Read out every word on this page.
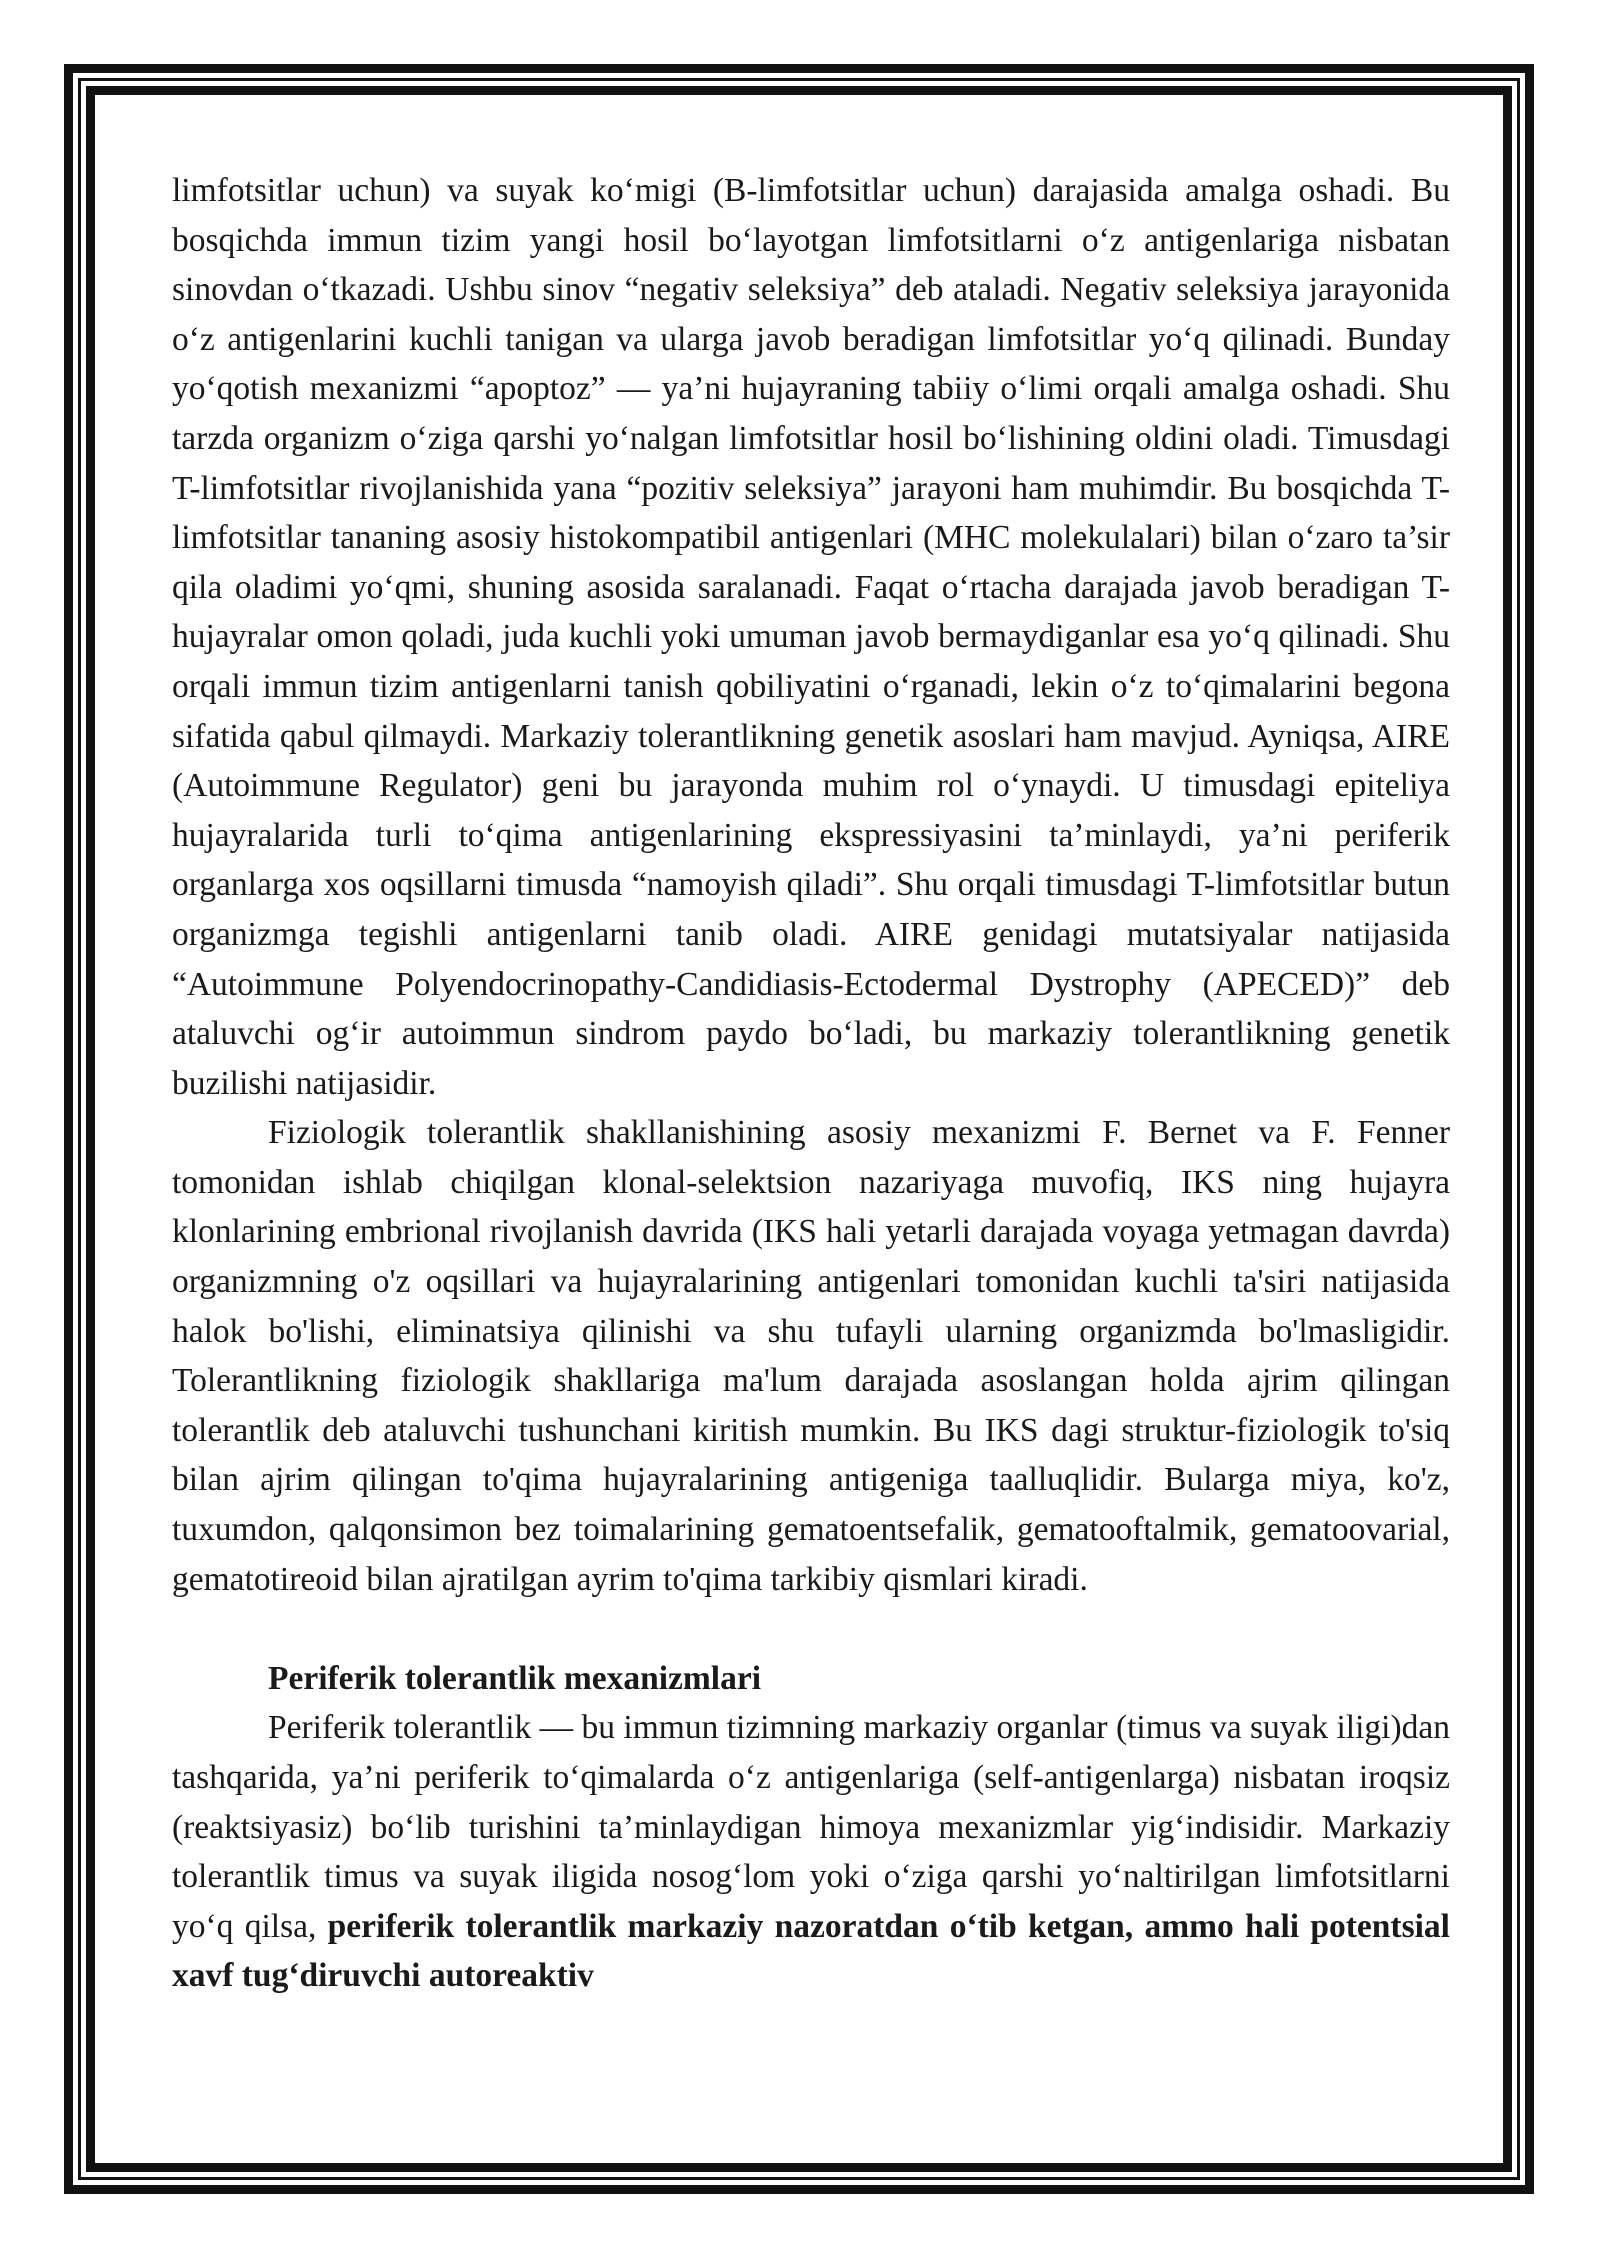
limfotsitlar uchun) va suyak ko‘migi (B-limfotsitlar uchun) darajasida amalga oshadi. Bu bosqichda immun tizim yangi hosil bo‘layotgan limfotsitlarni o‘z antigenlariga nisbatan sinovdan o‘tkazadi. Ushbu sinov “negativ seleksiya” deb ataladi. Negativ seleksiya jarayonida o‘z antigenlarini kuchli tanigan va ularga javob beradigan limfotsitlar yo‘q qilinadi. Bunday yo‘qotish mexanizmi “apoptoz” — ya’ni hujayraning tabiiy o‘limi orqali amalga oshadi. Shu tarzda organizm o‘ziga qarshi yo‘nalgan limfotsitlar hosil bo‘lishining oldini oladi. Timusdagi T-limfotsitlar rivojlanishida yana “pozitiv seleksiya” jarayoni ham muhimdir. Bu bosqichda T-limfotsitlar tananing asosiy histokompatibil antigenlari (MHC molekulalari) bilan o‘zaro ta’sir qila oladimi yo‘qmi, shuning asosida saralanadi. Faqat o‘rtacha darajada javob beradigan T-hujayralar omon qoladi, juda kuchli yoki umuman javob bermaydiganlar esa yo‘q qilinadi. Shu orqali immun tizim antigenlarni tanish qobiliyatini o‘rganadi, lekin o‘z to‘qimalarini begona sifatida qabul qilmaydi. Markaziy tolerantlikning genetik asoslari ham mavjud. Ayniqsa, AIRE (Autoimmune Regulator) geni bu jarayonda muhim rol o‘ynaydi. U timusdagi epiteliya hujayralarida turli to‘qima antigenlarining ekspressiyasini ta’minlaydi, ya’ni periferik organlarga xos oqsillarni timusda “namoyish qiladi”. Shu orqali timusdagi T-limfotsitlar butun organizmga tegishli antigenlarni tanib oladi. AIRE genidagi mutatsiyalar natijasida “Autoimmune Polyendocrinopathy-Candidiasis-Ectodermal Dystrophy (APECED)” deb ataluvchi og‘ir autoimmun sindrom paydo bo‘ladi, bu markaziy tolerantlikning genetik buzilishi natijasidir.

Fiziologik tolerantlik shakllanishining asosiy mexanizmi F. Bernet va F. Fenner tomonidan ishlab chiqilgan klonal-selektsion nazariyaga muvofiq, IKS ning hujayra klonlarining embrional rivojlanish davrida (IKS hali yetarli darajada voyaga yetmagan davrda) organizmning o'z oqsillari va hujayralarining antigenlari tomonidan kuchli ta'siri natijasida halok bo'lishi, eliminatsiya qilinishi va shu tufayli ularning organizmda bo'lmasligidir. Tolerantlikning fiziologik shakllariga ma'lum darajada asoslangan holda ajrim qilingan tolerantlik deb ataluvchi tushunchani kiritish mumkin. Bu IKS dagi struktur-fiziologik to'siq bilan ajrim qilingan to'qima hujayralarining antigeniga taalluqlidir. Bularga miya, ko'z, tuxumdon, qalqonsimon bez toimalarining gematoentsefalik, gematooftalmik, gematoovarial, gematotireoid bilan ajratilgan ayrim to'qima tarkibiy qismlari kiradi.

Periferik tolerantlik mexanizmlari

Periferik tolerantlik — bu immun tizimning markaziy organlar (timus va suyak iligi)dan tashqarida, ya’ni periferik to‘qimalarda o‘z antigenlariga (self-antigenlarga) nisbatan iroqsiz (reaktsiyasiz) bo‘lib turishini ta’minlaydigan himoya mexanizmlar yig‘indisidir. Markaziy tolerantlik timus va suyak iligida nosog‘lom yoki o‘ziga qarshi yo‘naltirilgan limfotsitlarni yo‘q qilsa, periferik tolerantlik markaziy nazoratdan o‘tib ketgan, ammo hali potentsial xavf tug‘diruvchi autoreaktiv
